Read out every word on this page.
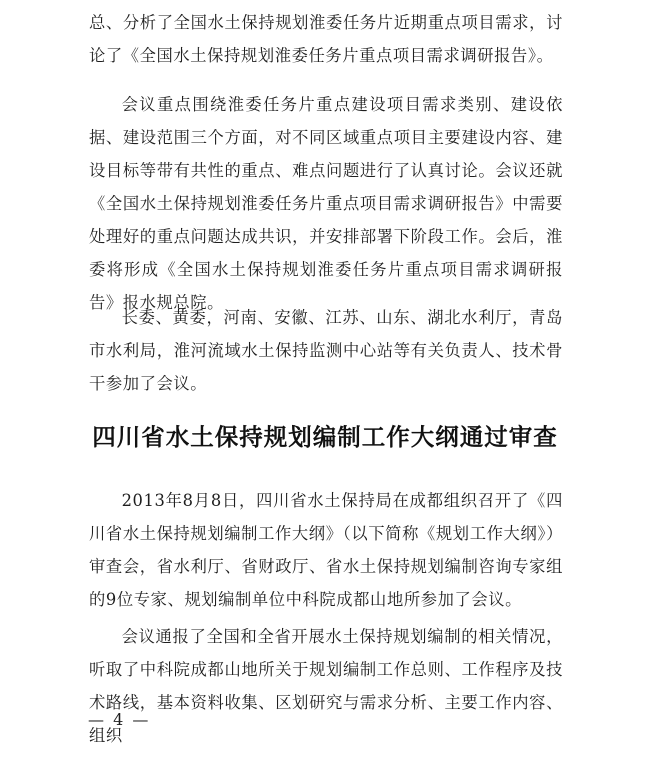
总、分析了全国水土保持规划淮委任务片近期重点项目需求，讨论了《全国水土保持规划淮委任务片重点项目需求调研报告》。

会议重点围绕淮委任务片重点建设项目需求类别、建设依据、建设范围三个方面，对不同区域重点项目主要建设内容、建设目标等带有共性的重点、难点问题进行了认真讨论。会议还就《全国水土保持规划淮委任务片重点项目需求调研报告》中需要处理好的重点问题达成共识，并安排部署下阶段工作。会后，淮委将形成《全国水土保持规划淮委任务片重点项目需求调研报告》报水规总院。

长委、黄委，河南、安徽、江苏、山东、湖北水利厅，青岛市水利局，淮河流域水土保持监测中心站等有关负责人、技术骨干参加了会议。

四川省水土保持规划编制工作大纲通过审查

2013年8月8日，四川省水土保持局在成都组织召开了《四川省水土保持规划编制工作大纲》（以下简称《规划工作大纲》）审查会，省水利厅、省财政厅、省水土保持规划编制咨询专家组的9位专家、规划编制单位中科院成都山地所参加了会议。

会议通报了全国和全省开展水土保持规划编制的相关情况，听取了中科院成都山地所关于规划编制工作总则、工作程序及技术路线，基本资料收集、区划研究与需求分析、主要工作内容、组织

— 4 —
